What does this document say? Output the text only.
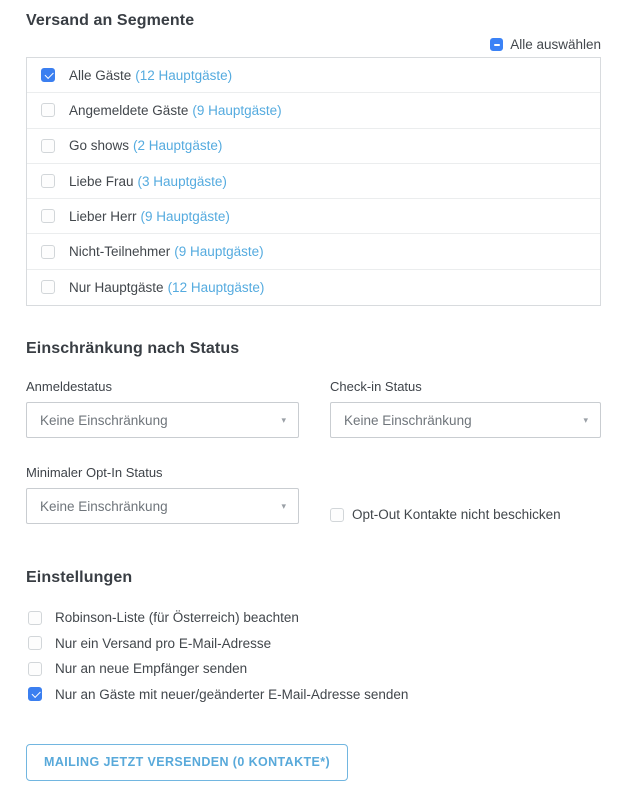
Versand an Segmente
Alle auswählen
Alle Gäste (12 Hauptgäste)
Angemeldete Gäste (9 Hauptgäste)
Go shows (2 Hauptgäste)
Liebe Frau (3 Hauptgäste)
Lieber Herr (9 Hauptgäste)
Nicht-Teilnehmer (9 Hauptgäste)
Nur Hauptgäste (12 Hauptgäste)
Einschränkung nach Status
Anmeldestatus
Keine Einschränkung	▾
Check-in Status
Keine Einschränkung	▾
Minimaler Opt-In Status
Keine Einschränkung	▾
Opt-Out Kontakte nicht beschicken
Einstellungen
Robinson-Liste (für Österreich) beachten
Nur ein Versand pro E-Mail-Adresse
Nur an neue Empfänger senden
Nur an Gäste mit neuer/geänderter E-Mail-Adresse senden
MAILING JETZT VERSENDEN (0 KONTAKTE*)
